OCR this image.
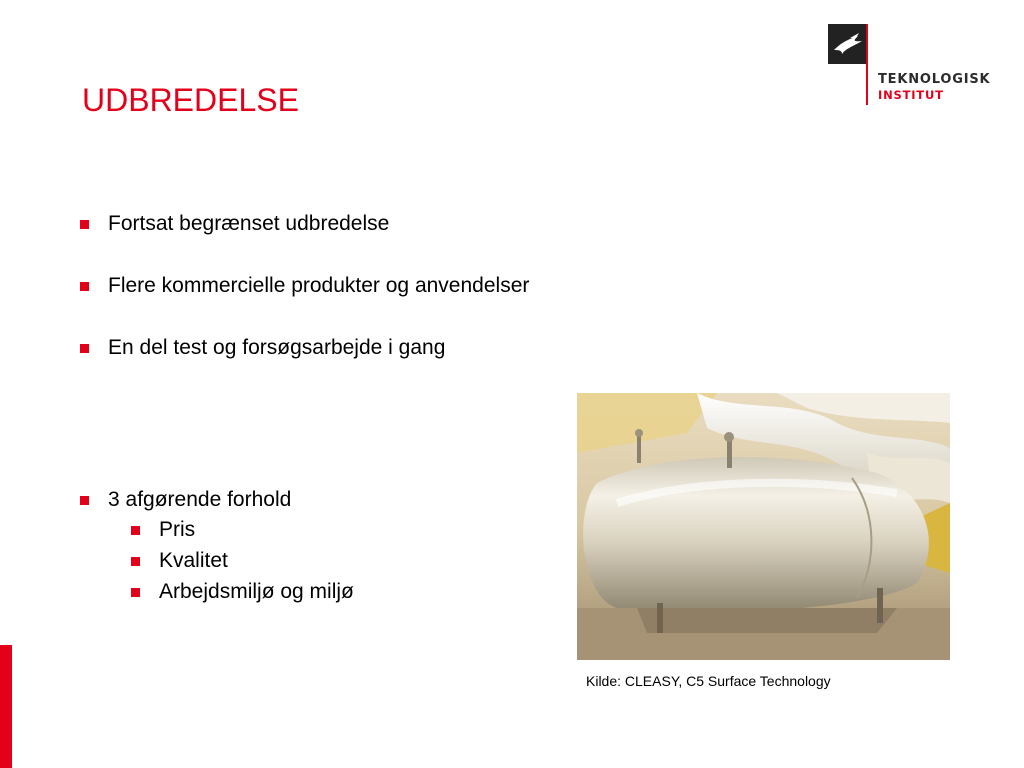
UDBREDELSE
TEKNOLOGISK
INSTITUT
Fortsat begrænset udbredelse
Flere kommercielle produkter og anvendelser
En del test og forsøgsarbejde i gang
3 afgørende forhold
Pris
Kvalitet
Arbejdsmiljø og miljø
Kilde: CLEASY, C5 Surface Technology
